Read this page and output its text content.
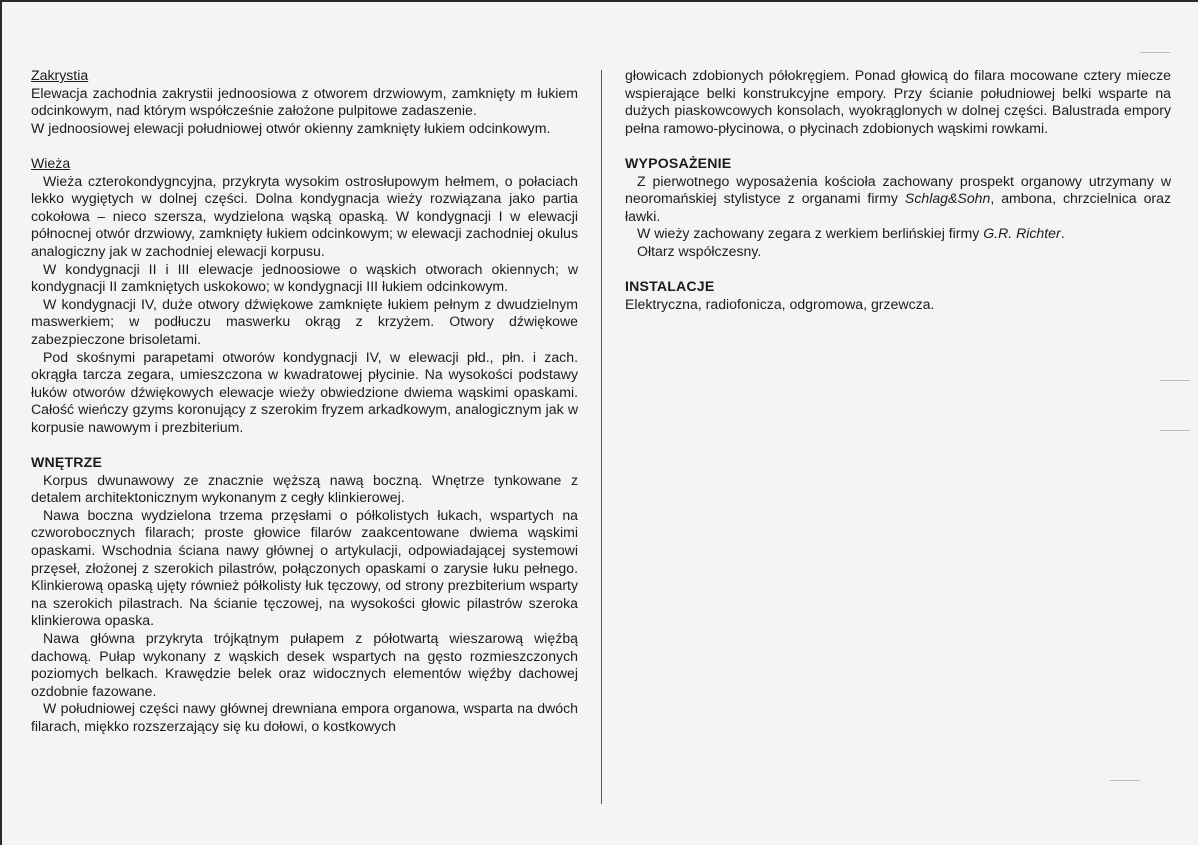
Zakrystia

Elewacja zachodnia zakrystii jednoosiowa z otworem drzwiowym, zamknięty m łukiem odcinkowym, nad którym współcześnie założone pulpitowe zadaszenie.

W jednoosiowej elewacji południowej otwór okienny zamknięty łukiem odcinkowym.

Wieża

Wieża czterokondygncyjna, przykryta wysokim ostrosłupowym hełmem, o połaciach lekko wygiętych w dolnej części. Dolna kondygnacja wieży rozwiązana jako partia cokołowa – nieco szersza, wydzielona wąską opaską. W kondygnacji I w elewacji północnej otwór drzwiowy, zamknięty łukiem odcinkowym; w elewacji zachodniej okulus analogiczny jak w zachodniej elewacji korpusu.

W kondygnacji II i III elewacje jednoosiowe o wąskich otworach okiennych; w kondygnacji II zamkniętych uskokowo; w kondygnacji III łukiem odcinkowym.

W kondygnacji IV, duże otwory dźwiękowe zamknięte łukiem pełnym z dwudzielnym maswerkiem; w podłuczu maswerku okrąg z krzyżem. Otwory dźwiękowe zabezpieczone brisoletami.

Pod skośnymi parapetami otworów kondygnacji IV, w elewacji płd., płn. i zach. okrągła tarcza zegara, umieszczona w kwadratowej płycinie. Na wysokości podstawy łuków otworów dźwiękowych elewacje wieży obwiedzione dwiema wąskimi opaskami. Całość wieńczy gzyms koronujący z szerokim fryzem arkadkowym, analogicznym jak w korpusie nawowym i prezbiterium.

WNĘTRZE

Korpus dwunawowy ze znacznie węższą nawą boczną. Wnętrze tynkowane z detalem architektonicznym wykonanym z cegły klinkierowej.

Nawa boczna wydzielona trzema przęsłami o półkolistych łukach, wspartych na czworobocznych filarach; proste głowice filarów zaakcentowane dwiema wąskimi opaskami. Wschodnia ściana nawy głównej o artykulacji, odpowiadającej systemowi przęseł, złożonej z szerokich pilastrów, połączonych opaskami o zarysie łuku pełnego. Klinkierową opaską ujęty również półkolisty łuk tęczowy, od strony prezbiterium wsparty na szerokich pilastrach. Na ścianie tęczowej, na wysokości głowic pilastrów szeroka klinkierowa opaska.

Nawa główna przykryta trójkątnym pułapem z półotwartą wieszarową więźbą dachową. Pułap wykonany z wąskich desek wspartych na gęsto rozmieszczonych poziomych belkach. Krawędzie belek oraz widocznych elementów więźby dachowej ozdobnie fazowane.

W południowej części nawy głównej drewniana empora organowa, wsparta na dwóch filarach, miękko rozszerzający się ku dołowi, o kostkowych

głowicach zdobionych półokręgiem. Ponad głowicą do filara mocowane cztery miecze wspierające belki konstrukcyjne empory. Przy ścianie południowej belki wsparte na dużych piaskowcowych konsolach, wyokrąglonych w dolnej części. Balustrada empory pełna ramowo-płycinowa, o płycinach zdobionych wąskimi rowkami.

WYPOSAŻENIE

Z pierwotnego wyposażenia kościoła zachowany prospekt organowy utrzymany w neoromańskiej stylistyce z organami firmy Schlag&Sohn, ambona, chrzcielnica oraz ławki.

W wieży zachowany zegara z werkiem berlińskiej firmy G.R. Richter.

Ołtarz współczesny.

INSTALACJE

Elektryczna, radiofonicza, odgromowa, grzewcza.
